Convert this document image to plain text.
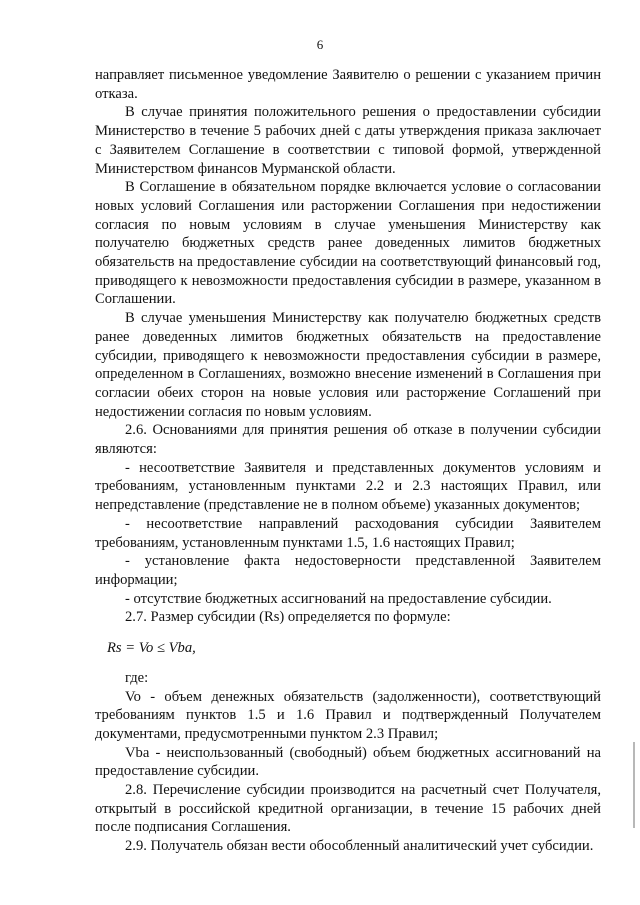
6

направляет письменное уведомление Заявителю о решении с указанием причин отказа.

В случае принятия положительного решения о предоставлении субсидии Министерство в течение 5 рабочих дней с даты утверждения приказа заключает с Заявителем Соглашение в соответствии с типовой формой, утвержденной Министерством финансов Мурманской области.

В Соглашение в обязательном порядке включается условие о согласовании новых условий Соглашения или расторжении Соглашения при недостижении согласия по новым условиям в случае уменьшения Министерству как получателю бюджетных средств ранее доведенных лимитов бюджетных обязательств на предоставление субсидии на соответствующий финансовый год, приводящего к невозможности предоставления субсидии в размере, указанном в Соглашении.

В случае уменьшения Министерству как получателю бюджетных средств ранее доведенных лимитов бюджетных обязательств на предоставление субсидии, приводящего к невозможности предоставления субсидии в размере, определенном в Соглашениях, возможно внесение изменений в Соглашения при согласии обеих сторон на новые условия или расторжение Соглашений при недостижении согласия по новым условиям.

2.6. Основаниями для принятия решения об отказе в получении субсидии являются:

- несоответствие Заявителя и представленных документов условиям и требованиям, установленным пунктами 2.2 и 2.3 настоящих Правил, или непредставление (представление не в полном объеме) указанных документов;

- несоответствие направлений расходования субсидии Заявителем требованиям, установленным пунктами 1.5, 1.6 настоящих Правил;

- установление факта недостоверности представленной Заявителем информации;

- отсутствие бюджетных ассигнований на предоставление субсидии.

2.7. Размер субсидии (Rs) определяется по формуле:

Rs = Vo ≤ Vba,

где:

Vo - объем денежных обязательств (задолженности), соответствующий требованиям пунктов 1.5 и 1.6 Правил и подтвержденный Получателем документами, предусмотренными пунктом 2.3 Правил;

Vba - неиспользованный (свободный) объем бюджетных ассигнований на предоставление субсидии.

2.8. Перечисление субсидии производится на расчетный счет Получателя, открытый в российской кредитной организации, в течение 15 рабочих дней после подписания Соглашения.

2.9. Получатель обязан вести обособленный аналитический учет субсидии.
